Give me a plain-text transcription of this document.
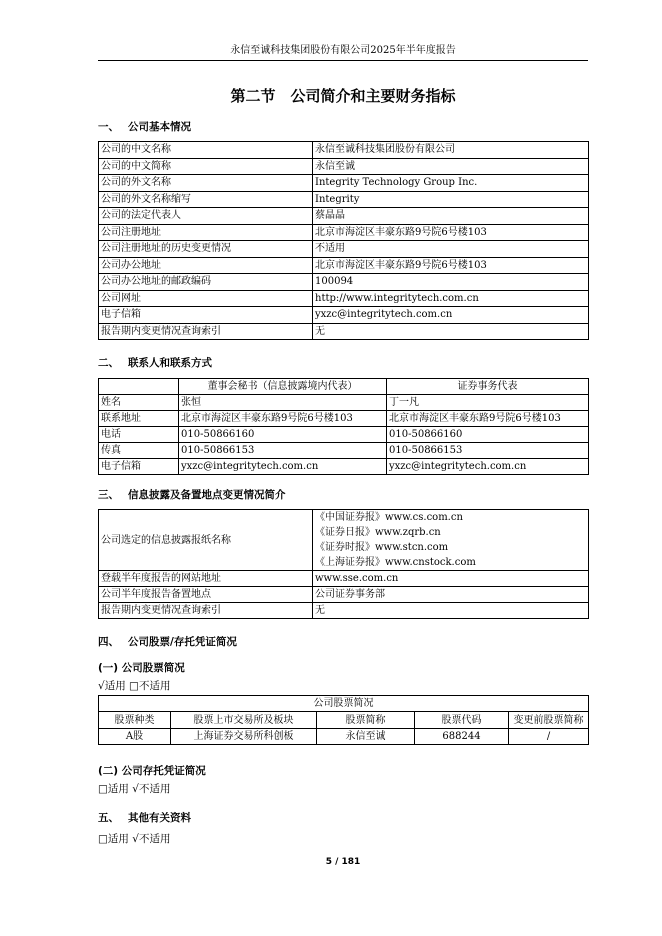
永信至诚科技集团股份有限公司2025年半年度报告
第二节　公司简介和主要财务指标
一、 公司基本情况
公司的中文名称	永信至诚科技集团股份有限公司
公司的中文简称	永信至诚
公司的外文名称	Integrity Technology Group Inc.
公司的外文名称缩写	Integrity
公司的法定代表人	蔡晶晶
公司注册地址	北京市海淀区丰豪东路9号院6号楼103
公司注册地址的历史变更情况	不适用
公司办公地址	北京市海淀区丰豪东路9号院6号楼103
公司办公地址的邮政编码	100094
公司网址	http://www.integritytech.com.cn
电子信箱	yxzc@integritytech.com.cn
报告期内变更情况查询索引	无
二、 联系人和联系方式
	董事会秘书（信息披露境内代表）	证券事务代表
姓名	张恒	丁一凡
联系地址	北京市海淀区丰豪东路9号院6号楼103	北京市海淀区丰豪东路9号院6号楼103
电话	010-50866160	010-50866160
传真	010-50866153	010-50866153
电子信箱	yxzc@integritytech.com.cn	yxzc@integritytech.com.cn
三、 信息披露及备置地点变更情况简介
公司选定的信息披露报纸名称	《中国证券报》www.cs.com.cn
《证券日报》www.zqrb.cn
《证券时报》www.stcn.com
《上海证券报》www.cnstock.com

登载半年度报告的网站地址	www.sse.com.cn
公司半年度报告备置地点	公司证券事务部
报告期内变更情况查询索引	无
四、 公司股票/存托凭证简况
(一) 公司股票简况
√适用 □不适用
公司股票简况				
股票种类	股票上市交易所及板块	股票简称	股票代码	变更前股票简称
A股	上海证券交易所科创板	永信至诚	688244	/
(二) 公司存托凭证简况
□适用 √不适用
五、 其他有关资料
□适用 √不适用
5 / 181
